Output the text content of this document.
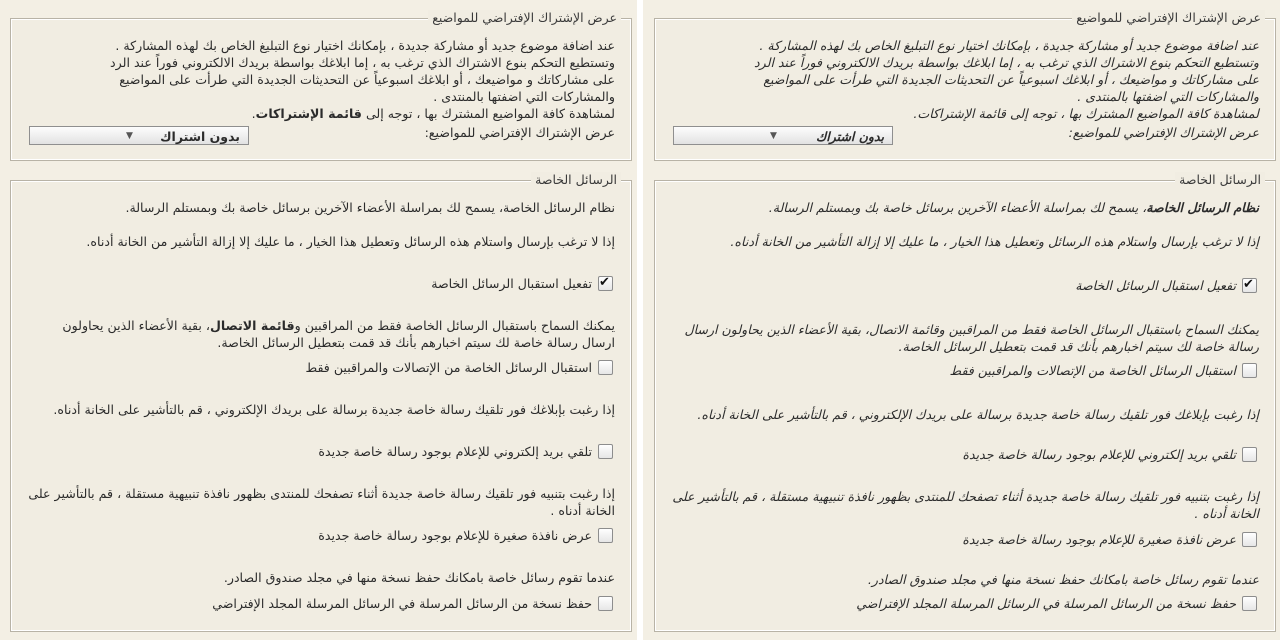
عرض الإشتراك الإفتراضي للمواضيع

عند اضافة موضوع جديد أو مشاركة جديدة ، بإمكانك اختيار نوع التبليغ الخاص بك لهذه المشاركة .

وتستطيع التحكم بنوع الاشتراك الذي ترغب به ، إما ابلاغك بواسطة بريدك الالكتروني فوراً عند الرد

على مشاركاتك و مواضيعك ، أو ابلاغك اسبوعياً عن التحديثات الجديدة التي طرأت على المواضيع

والمشاركات التي اضفتها بالمنتدى .

لمشاهدة كافة المواضيع المشترك بها ، توجه إلى قائمة الإشتراكات.

عرض الإشتراك الإفتراضي للمواضيع:

بدون اشتراك
▼
الرسائل الخاصة

نظام الرسائل الخاصة، يسمح لك بمراسلة الأعضاء الآخرين برسائل خاصة بك وبمستلم الرسالة.

إذا لا ترغب بإرسال واستلام هذه الرسائل وتعطيل هذا الخيار ، ما عليك إلا إزالة التأشير من الخانة أدناه.

✔
تفعيل استقبال الرسائل الخاصة

يمكنك السماح باستقبال الرسائل الخاصة فقط من المراقبين وقائمة الاتصال، بقية الأعضاء الذين يحاولون ارسال رسالة خاصة لك سيتم اخبارهم بأنك قد قمت بتعطيل الرسائل الخاصة.

استقبال الرسائل الخاصة من الإتصالات والمراقبين فقط

إذا رغبت بإبلاغك فور تلقيك رسالة خاصة جديدة برسالة على بريدك الإلكتروني ، قم بالتأشير على الخانة أدناه.

تلقي بريد إلكتروني للإعلام بوجود رسالة خاصة جديدة

إذا رغبت بتنبيه فور تلقيك رسالة خاصة جديدة أثناء تصفحك للمنتدى بظهور نافذة تنبيهية مستقلة ، قم بالتأشير على الخانة أدناه .

عرض نافذة صغيرة للإعلام بوجود رسالة خاصة جديدة

عندما تقوم رسائل خاصة بامكانك حفظ نسخة منها في مجلد صندوق الصادر.

حفظ نسخة من الرسائل المرسلة في الرسائل المرسلة المجلد الإفتراضي
عرض الإشتراك الإفتراضي للمواضيع

عند اضافة موضوع جديد أو مشاركة جديدة ، بإمكانك اختيار نوع التبليغ الخاص بك لهذه المشاركة .

وتستطيع التحكم بنوع الاشتراك الذي ترغب به ، إما ابلاغك بواسطة بريدك الالكتروني فوراً عند الرد

على مشاركاتك و مواضيعك ، أو ابلاغك اسبوعياً عن التحديثات الجديدة التي طرأت على المواضيع

والمشاركات التي اضفتها بالمنتدى .

لمشاهدة كافة المواضيع المشترك بها ، توجه إلى قائمة الإشتراكات.

عرض الإشتراك الإفتراضي للمواضيع:

بدون اشتراك
▼
الرسائل الخاصة

نظام الرسائل الخاصة، يسمح لك بمراسلة الأعضاء الآخرين برسائل خاصة بك وبمستلم الرسالة.

إذا لا ترغب بإرسال واستلام هذه الرسائل وتعطيل هذا الخيار ، ما عليك إلا إزالة التأشير من الخانة أدناه.

✔
تفعيل استقبال الرسائل الخاصة

يمكنك السماح باستقبال الرسائل الخاصة فقط من المراقبين وقائمة الاتصال، بقية الأعضاء الذين يحاولون ارسال رسالة خاصة لك سيتم اخبارهم بأنك قد قمت بتعطيل الرسائل الخاصة.

استقبال الرسائل الخاصة من الإتصالات والمراقبين فقط

إذا رغبت بإبلاغك فور تلقيك رسالة خاصة جديدة برسالة على بريدك الإلكتروني ، قم بالتأشير على الخانة أدناه.

تلقي بريد إلكتروني للإعلام بوجود رسالة خاصة جديدة

إذا رغبت بتنبيه فور تلقيك رسالة خاصة جديدة أثناء تصفحك للمنتدى بظهور نافذة تنبيهية مستقلة ، قم بالتأشير على الخانة أدناه .

عرض نافذة صغيرة للإعلام بوجود رسالة خاصة جديدة

عندما تقوم رسائل خاصة بامكانك حفظ نسخة منها في مجلد صندوق الصادر.

حفظ نسخة من الرسائل المرسلة في الرسائل المرسلة المجلد الإفتراضي
